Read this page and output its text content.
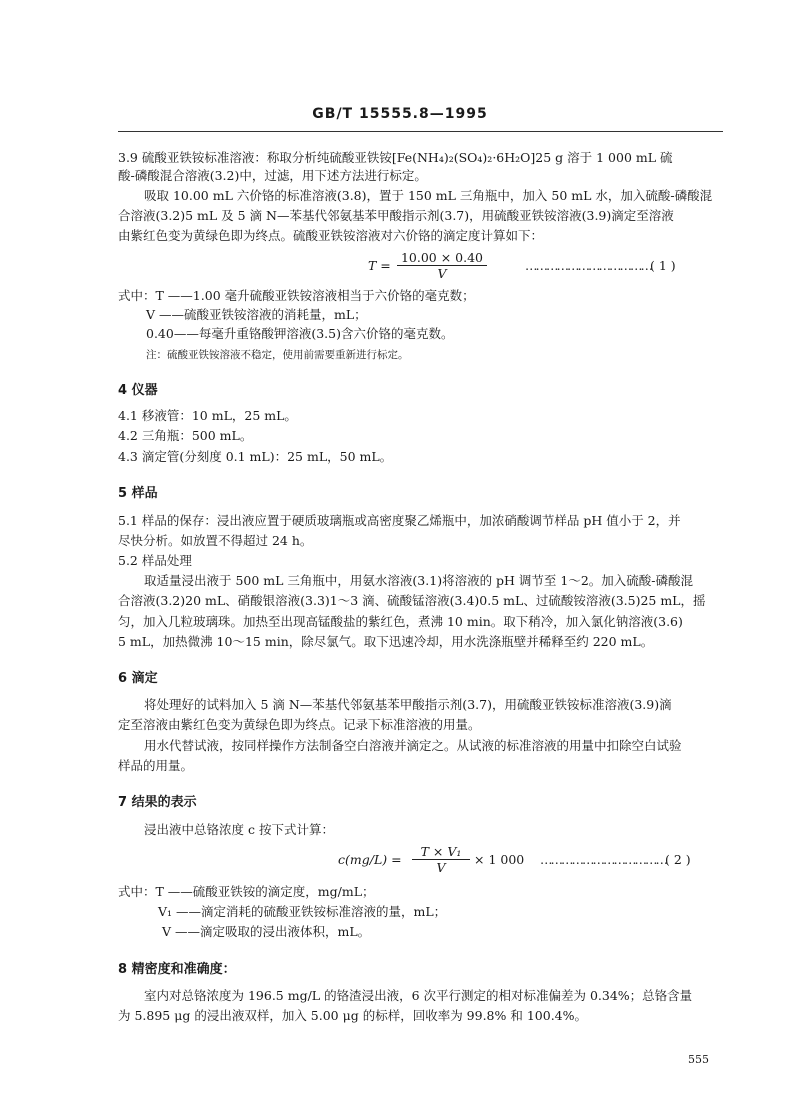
GB/T 15555.8—1995
3.9 硫酸亚铁铵标准溶液：称取分析纯硫酸亚铁铵[Fe(NH₄)₂(SO₄)₂·6H₂O]25 g 溶于 1 000 mL 硫
酸-磷酸混合溶液(3.2)中，过滤，用下述方法进行标定。
吸取 10.00 mL 六价铬的标准溶液(3.8)，置于 150 mL 三角瓶中，加入 50 mL 水，加入硫酸-磷酸混
合溶液(3.2)5 mL 及 5 滴 N—苯基代邻氨基苯甲酸指示剂(3.7)，用硫酸亚铁铵溶液(3.9)滴定至溶液
由紫红色变为黄绿色即为终点。硫酸亚铁铵溶液对六价铬的滴定度计算如下：
$T = \frac{10.00 \times 0.40}{V}$	……………………………… ( 1 )
式中：T ——1.00 毫升硫酸亚铁铵溶液相当于六价铬的毫克数；
V ——硫酸亚铁铵溶液的消耗量，mL；
0.40——每毫升重铬酸钾溶液(3.5)含六价铬的毫克数。
注：硫酸亚铁铵溶液不稳定，使用前需要重新进行标定。
4 仪器
4.1 移液管：10 mL，25 mL。
4.2 三角瓶：500 mL。
4.3 滴定管(分刻度 0.1 mL)：25 mL，50 mL。
5 样品
5.1 样品的保存：浸出液应置于硬质玻璃瓶或高密度聚乙烯瓶中，加浓硝酸调节样品 pH 值小于 2，并
尽快分析。如放置不得超过 24 h。
5.2 样品处理
取适量浸出液于 500 mL 三角瓶中，用氨水溶液(3.1)将溶液的 pH 调节至 1～2。加入硫酸-磷酸混
合溶液(3.2)20 mL、硝酸银溶液(3.3)1～3 滴、硫酸锰溶液(3.4)0.5 mL、过硫酸铵溶液(3.5)25 mL，摇
匀，加入几粒玻璃珠。加热至出现高锰酸盐的紫红色，煮沸 10 min。取下稍冷，加入氯化钠溶液(3.6)
5 mL，加热微沸 10～15 min，除尽氯气。取下迅速冷却，用水洗涤瓶壁并稀释至约 220 mL。
6 滴定
将处理好的试料加入 5 滴 N—苯基代邻氨基苯甲酸指示剂(3.7)，用硫酸亚铁铵标准溶液(3.9)滴
定至溶液由紫红色变为黄绿色即为终点。记录下标准溶液的用量。
用水代替试液，按同样操作方法制备空白溶液并滴定之。从试液的标准溶液的用量中扣除空白试验
样品的用量。
7 结果的表示
浸出液中总铬浓度 c 按下式计算：
$c(mg/L) = \frac{\text{T × V₁}}{V} \times 1$ 000 ……………………………… ( 2 )
式中：T ——硫酸亚铁铵的滴定度，mg/mL；
V₁ ——滴定消耗的硫酸亚铁铵标准溶液的量，mL；
V ——滴定吸取的浸出液体积，mL。
8 精密度和准确度：
室内对总铬浓度为 196.5 mg/L 的铬渣浸出液，6 次平行测定的相对标准偏差为 0.34%；总铬含量
为 5.895 μg 的浸出液双样，加入 5.00 μg 的标样，回收率为 99.8% 和 100.4%。
555
